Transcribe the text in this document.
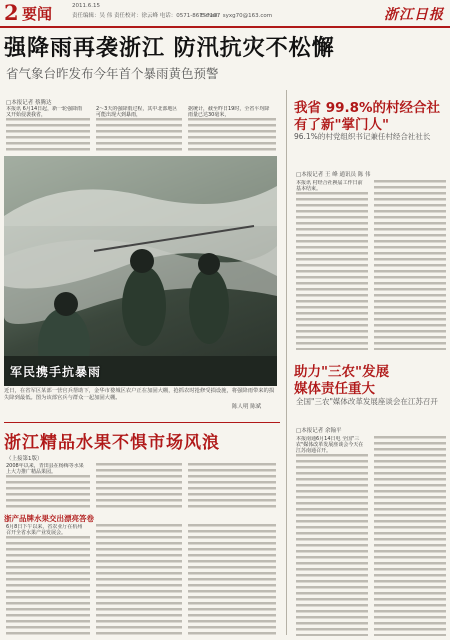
2 要闻	2011.6.15
责任编辑：吴 伟 责任校对：徐云峰 电话：0571-86757197
E-mail：syxg70@163.com	浙江日报
强降雨再袭浙江 防汛抗灾不松懈
省气象台昨发布今年首个暴雨黄色预警
□本报记者 蔡腾达
本报讯 6月14日起，新一轮强降雨又开始侵袭我省，
2～3天的强降雨过程，其中北部地区可能出现大到暴雨，
据统计，截至昨日19时，全省平均降雨量已达30毫米，
军民携手抗暴雨
近日，在省军区某部一营官兵帮助下，金华市婺城区农户正在加固大棚，抢抓农时抢修受损设施，将强降雨带来的损失降到最低。图为该部官兵与群众一起加固大棚。
陈人明 陈斌
我省 99.8%的村经合社
有了新"掌门人"
96.1%的村党组织书记兼任村经合社社长
□本报记者 王 峰 通讯员 陈 伟
本报讯 村经合社换届工作日前基本结束。
助力"三农"发展
媒体责任重大
全国"三农"媒体改革发展座谈会在江苏召开
□本报记者 余翰平
本报南通6月14日电 全国"三农"媒体改革发展座谈会今天在江苏南通召开。
浙江精品水果不惧市场风浪
（上接第1版）
2008年以来，青田县在杨梅等水果上大力推广精品果园。
浙产品牌水果交出漂亮答卷
6月8日下午以来，省农业厅在杭州召开全省水果产业发展会。
